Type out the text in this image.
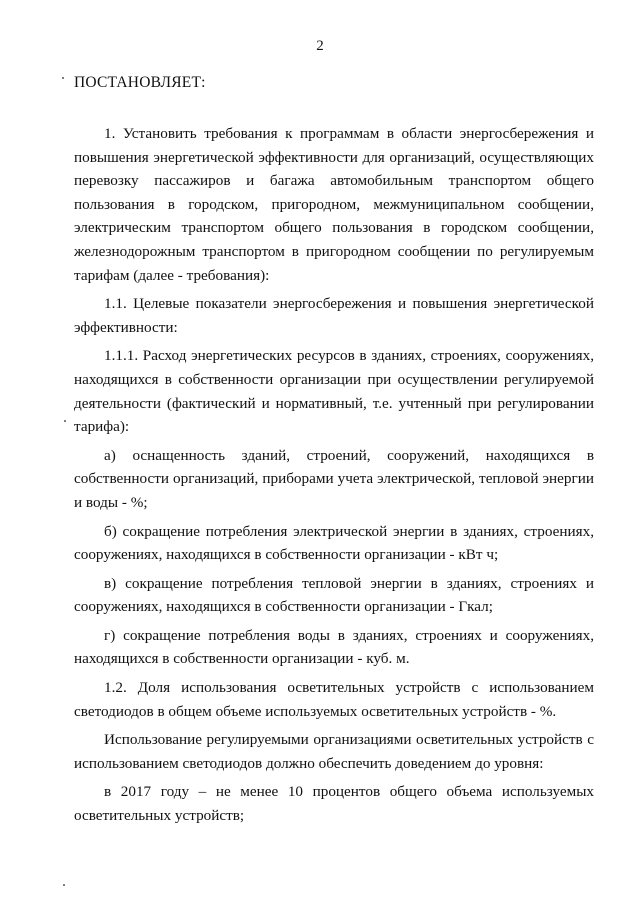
2
ПОСТАНОВЛЯЕТ:

1. Установить требования к программам в области энергосбережения и повышения энергетической эффективности для организаций, осуществляющих перевозку пассажиров и багажа автомобильным транспортом общего пользования в городском, пригородном, межмуниципальном сообщении, электрическим транспортом общего пользования в городском сообщении, железнодорожным транспортом в пригородном сообщении по регулируемым тарифам (далее - требования):

1.1. Целевые показатели энергосбережения и повышения энергетической эффективности:

1.1.1. Расход энергетических ресурсов в зданиях, строениях, сооружениях, находящихся в собственности организации при осуществлении регулируемой деятельности (фактический и нормативный, т.е. учтенный при регулировании тарифа):

а) оснащенность зданий, строений, сооружений, находящихся в собственности организаций, приборами учета электрической, тепловой энергии и воды - %;

б) сокращение потребления электрической энергии в зданиях, строениях, сооружениях, находящихся в собственности организации - кВт ч;

в) сокращение потребления тепловой энергии в зданиях, строениях и сооружениях, находящихся в собственности организации - Гкал;

г) сокращение потребления воды в зданиях, строениях и сооружениях, находящихся в собственности организации - куб. м.

1.2. Доля использования осветительных устройств с использованием светодиодов в общем объеме используемых осветительных устройств - %.

Использование регулируемыми организациями осветительных устройств с использованием светодиодов должно обеспечить доведением до уровня:

в 2017 году – не менее 10 процентов общего объема используемых осветительных устройств;
